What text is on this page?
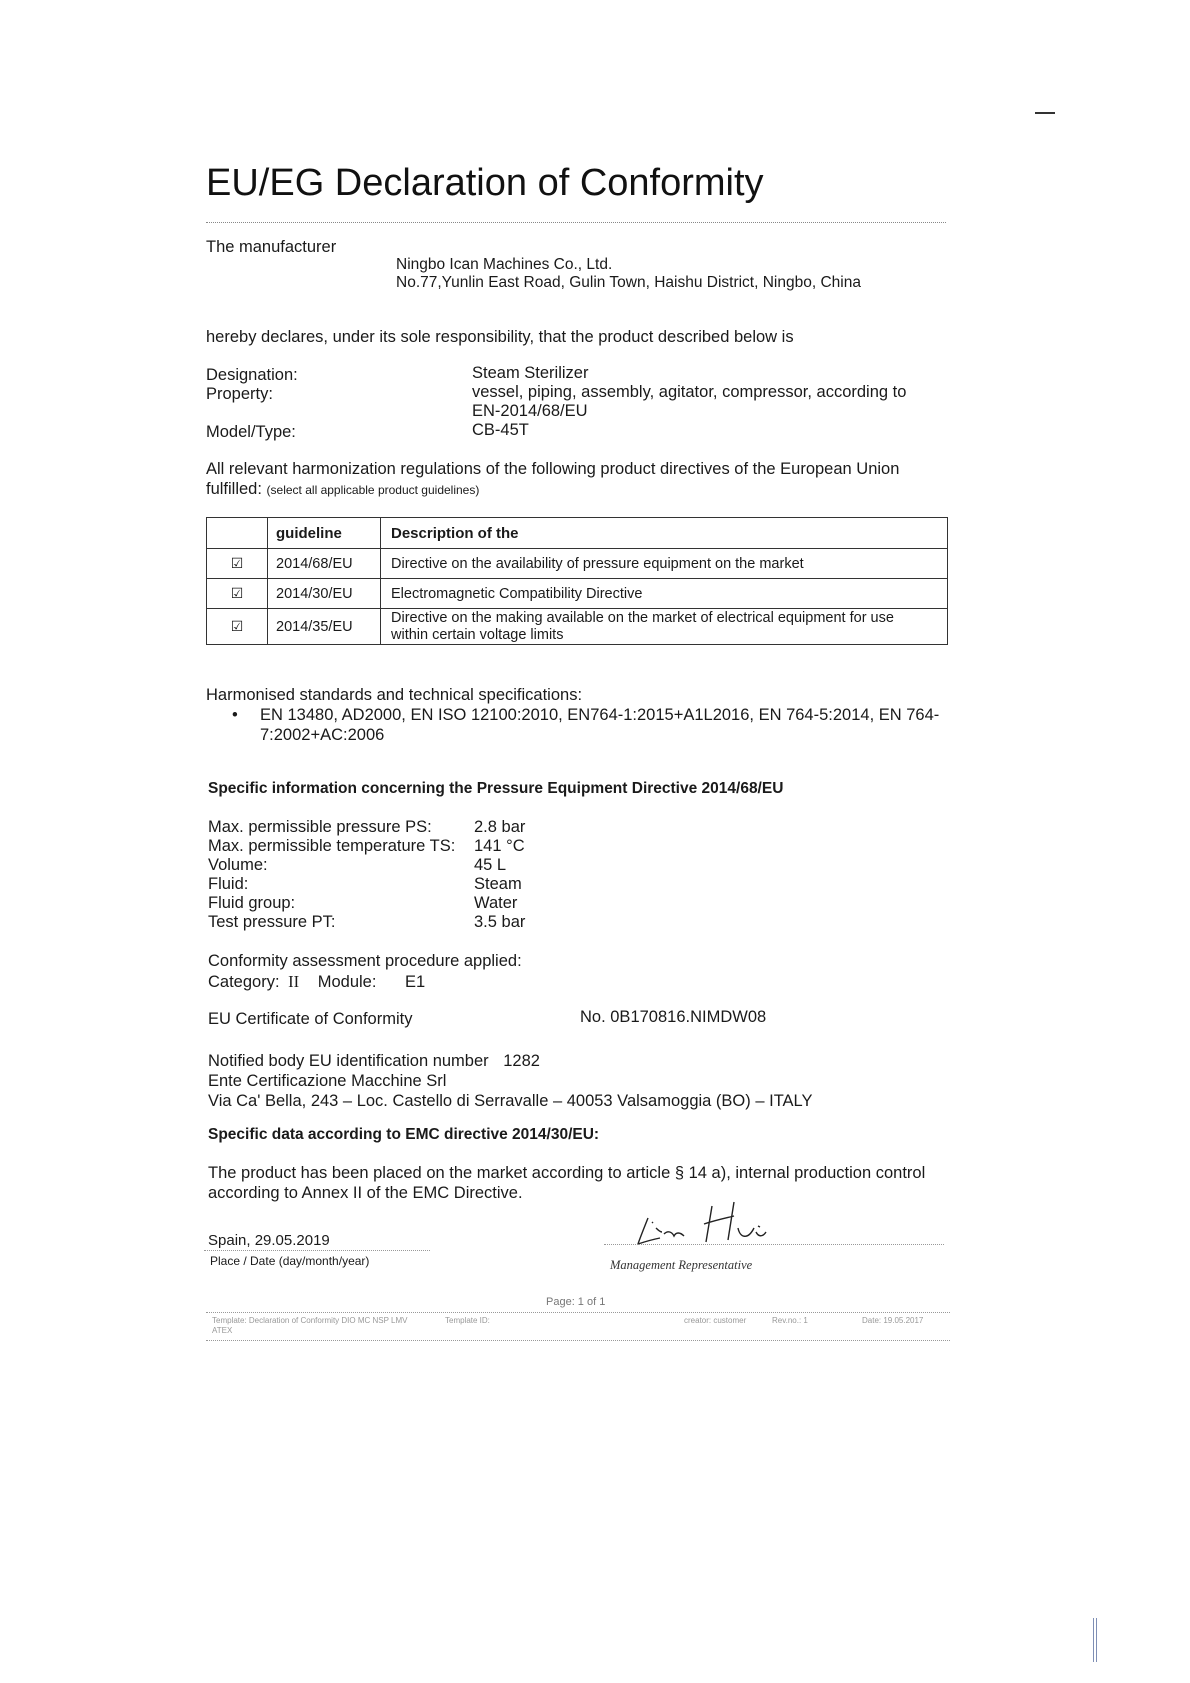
EU/EG Declaration of Conformity
The manufacturer
Ningbo Ican Machines Co., Ltd.
No.77,Yunlin East Road, Gulin Town, Haishu District, Ningbo, China
hereby declares, under its sole responsibility, that the product described below is
Designation:	Steam Sterilizer
Property:	vessel, piping, assembly, agitator, compressor, according to
EN-2014/68/EU
Model/Type:	CB-45T
All relevant harmonization regulations of the following product directives of the European Union
fulfilled: (select all applicable product guidelines)
	guideline	Description of the
☑	2014/68/EU	Directive on the availability of pressure equipment on the market
☑	2014/30/EU	Electromagnetic Compatibility Directive
☑	2014/35/EU	Directive on the making available on the market of electrical equipment for use
within certain voltage limits
Harmonised standards and technical specifications:
• EN 13480, AD2000, EN ISO 12100:2010, EN764-1:2015+A1L2016, EN 764-5:2014, EN 764-
7:2002+AC:2006
Specific information concerning the Pressure Equipment Directive 2014/68/EU
Max. permissible pressure PS:	2.8 bar
Max. permissible temperature TS: 141 °C
Volume:	45 L
Fluid:	Steam
Fluid group:	Water
Test pressure PT:	3.5 bar
Conformity assessment procedure applied:
Category: II Module: E1
EU Certificate of Conformity	No. 0B170816.NIMDW08
Notified body EU identification number 1282
Ente Certificazione Macchine Srl
Via Ca' Bella, 243 – Loc. Castello di Serravalle – 40053 Valsamoggia (BO) – ITALY
Specific data according to EMC directive 2014/30/EU:
The product has been placed on the market according to article § 14 a), internal production control
according to Annex II of the EMC Directive.
Spain, 29.05.2019
Place / Date (day/month/year)	Management Representative
Page: 1 of 1
Template: Declaration of Conformity DIO MC NSP LMV
ATEX
Template ID:	creator: customer	Rev.no.: 1	Date: 19.05.2017
